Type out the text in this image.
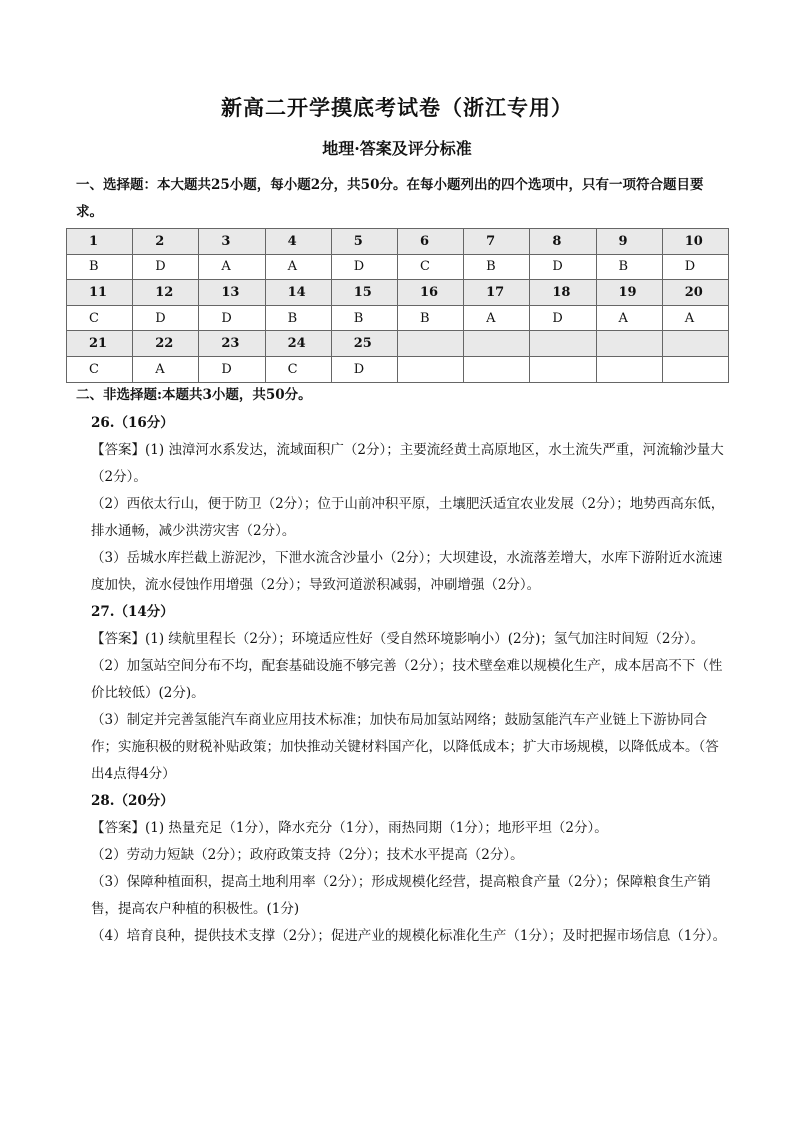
新高二开学摸底考试卷（浙江专用）
地理·答案及评分标准
一、选择题：本大题共25小题，每小题2分，共50分。在每小题列出的四个选项中，只有一项符合题目要求。
1	2	3	4	5	6	7	8	9	10
B	D	A	A	D	C	B	D	B	D
11	12	13	14	15	16	17	18	19	20
C	D	D	B	B	B	A	D	A	A
21	22	23	24	25					
C	A	D	C	D					
二、非选择题:本题共3小题，共50分。

26.（16分）

【答案】(1) 浊漳河水系发达，流域面积广（2分）；主要流经黄土高原地区，水土流失严重，河流输沙量大（2分）。

（2）西依太行山，便于防卫（2分）；位于山前冲积平原，土壤肥沃适宜农业发展（2分）；地势西高东低，排水通畅，减少洪涝灾害（2分）。

（3）岳城水库拦截上游泥沙，下泄水流含沙量小（2分）；大坝建设，水流落差增大，水库下游附近水流速度加快，流水侵蚀作用增强（2分）；导致河道淤积减弱，冲刷增强（2分）。

27.（14分）

【答案】(1) 续航里程长（2分）；环境适应性好（受自然环境影响小）(2分)；氢气加注时间短（2分）。

（2）加氢站空间分布不均，配套基础设施不够完善（2分）；技术壁垒难以规模化生产，成本居高不下（性价比较低）(2分)。

（3）制定并完善氢能汽车商业应用技术标准；加快布局加氢站网络；鼓励氢能汽车产业链上下游协同合作；实施积极的财税补贴政策；加快推动关键材料国产化，以降低成本；扩大市场规模，以降低成本。（答出4点得4分）

28.（20分）

【答案】(1) 热量充足（1分），降水充分（1分），雨热同期（1分）；地形平坦（2分）。

（2）劳动力短缺（2分）；政府政策支持（2分）；技术水平提高（2分）。

（3）保障种植面积，提高土地利用率（2分）；形成规模化经营，提高粮食产量（2分）；保障粮食生产销售，提高农户种植的积极性。(1分)

（4）培育良种，提供技术支撑（2分）；促进产业的规模化标准化生产（1分）；及时把握市场信息（1分）。
